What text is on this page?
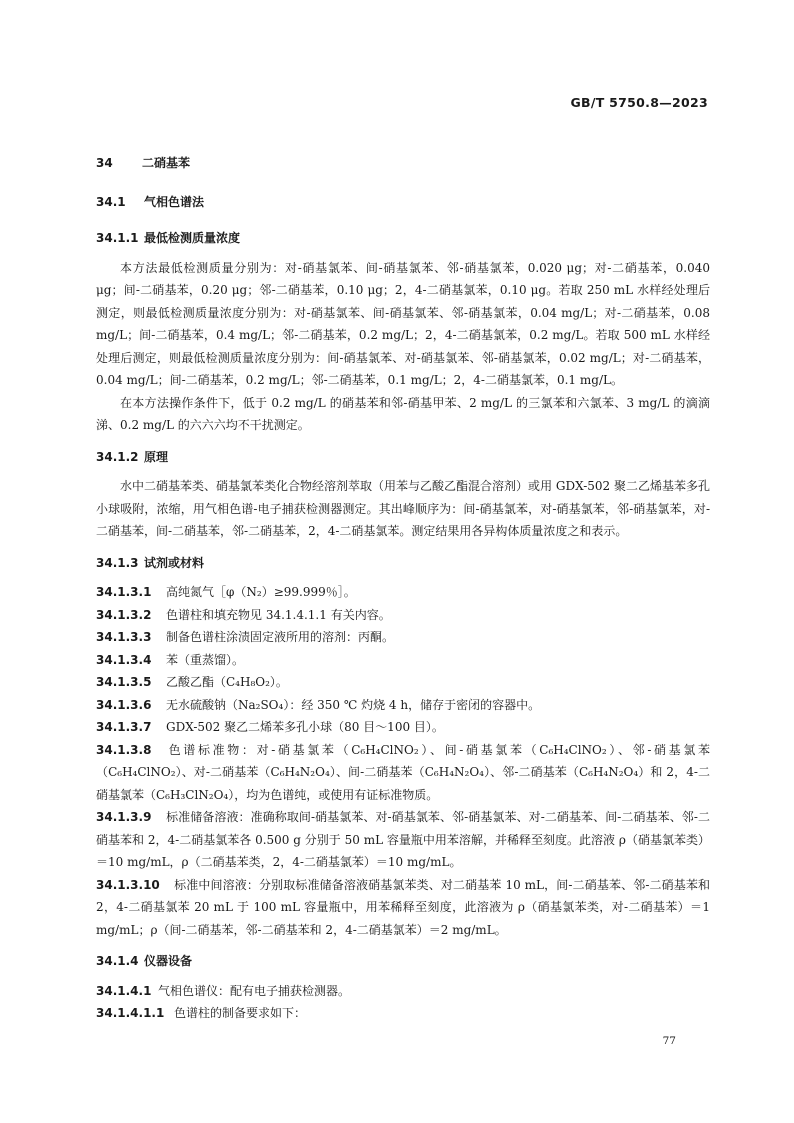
GB/T 5750.8—2023
34 二硝基苯
34.1 气相色谱法
34.1.1 最低检测质量浓度

本方法最低检测质量分别为：对-硝基氯苯、间-硝基氯苯、邻-硝基氯苯，0.020 μg；对-二硝基苯，0.040 μg；间-二硝基苯，0.20 μg；邻-二硝基苯，0.10 μg；2，4-二硝基氯苯，0.10 μg。若取 250 mL 水样经处理后测定，则最低检测质量浓度分别为：对-硝基氯苯、间-硝基氯苯、邻-硝基氯苯，0.04 mg/L；对-二硝基苯，0.08 mg/L；间-二硝基苯，0.4 mg/L；邻-二硝基苯，0.2 mg/L；2，4-二硝基氯苯，0.2 mg/L。若取 500 mL 水样经处理后测定，则最低检测质量浓度分别为：间-硝基氯苯、对-硝基氯苯、邻-硝基氯苯，0.02 mg/L；对-二硝基苯，0.04 mg/L；间-二硝基苯，0.2 mg/L；邻-二硝基苯，0.1 mg/L；2，4-二硝基氯苯，0.1 mg/L。

在本方法操作条件下，低于 0.2 mg/L 的硝基苯和邻-硝基甲苯、2 mg/L 的三氯苯和六氯苯、3 mg/L 的滴滴涕、0.2 mg/L 的六六六均不干扰测定。

34.1.2 原理

水中二硝基苯类、硝基氯苯类化合物经溶剂萃取（用苯与乙酸乙酯混合溶剂）或用 GDX-502 聚二乙烯基苯多孔小球吸附，浓缩，用气相色谱-电子捕获检测器测定。其出峰顺序为：间-硝基氯苯，对-硝基氯苯，邻-硝基氯苯，对-二硝基苯，间-二硝基苯，邻-二硝基苯，2，4-二硝基氯苯。测定结果用各异构体质量浓度之和表示。

34.1.3 试剂或材料

34.1.3.1 高纯氮气［φ（N₂）≥99.999％］。

34.1.3.2 色谱柱和填充物见 34.1.4.1.1 有关内容。

34.1.3.3 制备色谱柱涂渍固定液所用的溶剂：丙酮。

34.1.3.4 苯（重蒸馏）。

34.1.3.5 乙酸乙酯（C₄H₈O₂）。

34.1.3.6 无水硫酸钠（Na₂SO₄）：经 350 ℃ 灼烧 4 h，储存于密闭的容器中。

34.1.3.7 GDX-502 聚乙二烯苯多孔小球（80 目～100 目）。

34.1.3.8 色谱标准物：对-硝基氯苯（C₆H₄ClNO₂）、间-硝基氯苯（C₆H₄ClNO₂）、邻-硝基氯苯（C₆H₄ClNO₂）、对-二硝基苯（C₆H₄N₂O₄）、间-二硝基苯（C₆H₄N₂O₄）、邻-二硝基苯（C₆H₄N₂O₄）和 2，4-二硝基氯苯（C₆H₃ClN₂O₄），均为色谱纯，或使用有证标准物质。

34.1.3.9 标准储备溶液：准确称取间-硝基氯苯、对-硝基氯苯、邻-硝基氯苯、对-二硝基苯、间-二硝基苯、邻-二硝基苯和 2，4-二硝基氯苯各 0.500 g 分别于 50 mL 容量瓶中用苯溶解，并稀释至刻度。此溶液 ρ（硝基氯苯类）＝10 mg/mL，ρ（二硝基苯类，2，4-二硝基氯苯）＝10 mg/mL。

34.1.3.10 标准中间溶液：分别取标准储备溶液硝基氯苯类、对二硝基苯 10 mL，间-二硝基苯、邻-二硝基苯和 2，4-二硝基氯苯 20 mL 于 100 mL 容量瓶中，用苯稀释至刻度，此溶液为 ρ（硝基氯苯类，对-二硝基苯）＝1 mg/mL；ρ（间-二硝基苯，邻-二硝基苯和 2，4-二硝基氯苯）＝2 mg/mL。

34.1.4 仪器设备

34.1.4.1 气相色谱仪：配有电子捕获检测器。

34.1.4.1.1 色谱柱的制备要求如下：

77
